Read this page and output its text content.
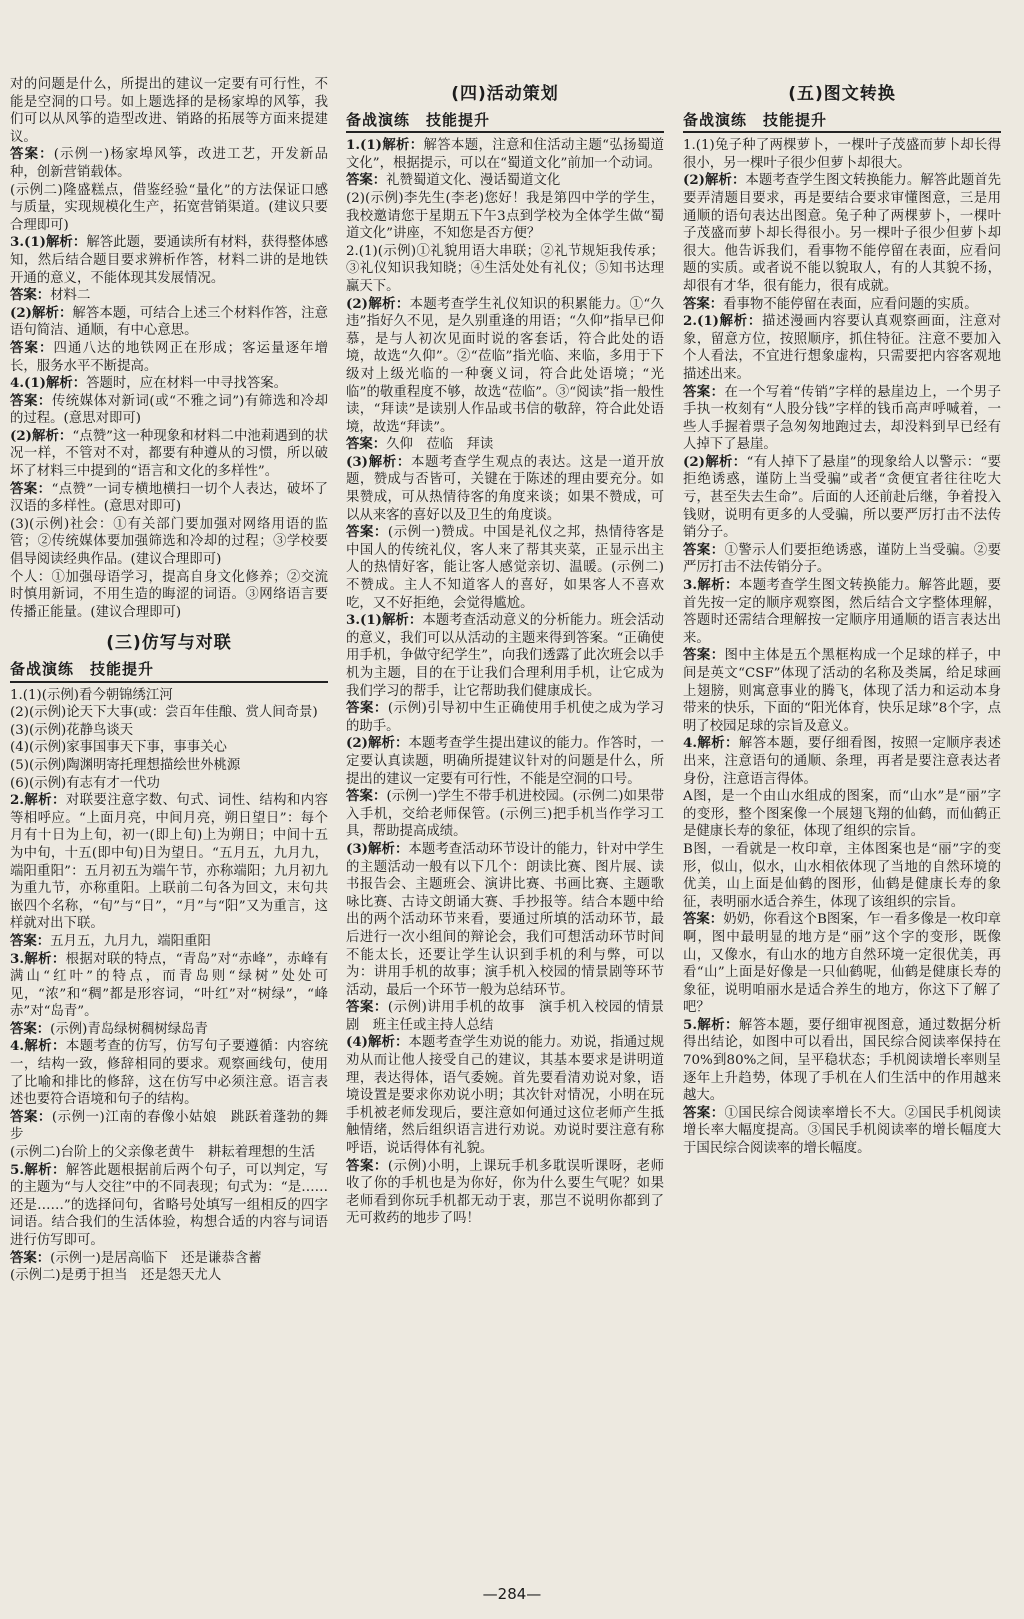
对的问题是什么，所提出的建议一定要有可行性，不能是空洞的口号。如上题选择的是杨家埠的风筝，我们可以从风筝的造型改进、销路的拓展等方面来提建议。

答案：(示例一)杨家埠风筝，改进工艺，开发新品种，创新营销载体。

(示例二)隆盛糕点，借鉴经验“量化”的方法保证口感与质量，实现规模化生产，拓宽营销渠道。(建议只要合理即可)

3.(1)解析：解答此题，要通读所有材料，获得整体感知，然后结合题目要求辨析作答，材料二讲的是地铁开通的意义，不能体现其发展情况。

答案：材料二

(2)解析：解答本题，可结合上述三个材料作答，注意语句简洁、通顺，有中心意思。

答案：四通八达的地铁网正在形成；客运量逐年增长，服务水平不断提高。

4.(1)解析：答题时，应在材料一中寻找答案。

答案：传统媒体对新词(或“不雅之词”)有筛选和冷却的过程。(意思对即可)

(2)解析：“点赞”这一种现象和材料二中池莉遇到的状况一样，不管对不对，都要有种遵从的习惯，所以破坏了材料三中提到的“语言和文化的多样性”。

答案：“点赞”一词专横地横扫一切个人表达，破坏了汉语的多样性。(意思对即可)

(3)(示例)社会：①有关部门要加强对网络用语的监管；②传统媒体要加强筛选和冷却的过程；③学校要倡导阅读经典作品。(建议合理即可)

个人：①加强母语学习，提高自身文化修养；②交流时慎用新词，不用生造的晦涩的词语。③网络语言要传播正能量。(建议合理即可)

(三)仿写与对联
备战演练　技能提升

1.(1)(示例)看今朝锦绣江河

(2)(示例)论天下大事(或：尝百年佳酿、赏人间奇景)

(3)(示例)花静鸟谈天

(4)(示例)家事国事天下事，事事关心

(5)(示例)陶渊明寄托理想描绘世外桃源

(6)(示例)有志有才一代功

2.解析：对联要注意字数、句式、词性、结构和内容等相呼应。“上面月亮，中间月亮，朔日望日”：每个月有十日为上旬，初一(即上旬)上为朔日；中间十五为中旬，十五(即中旬)日为望日。“五月五，九月九，端阳重阳”：五月初五为端午节，亦称端阳；九月初九为重九节，亦称重阳。上联前二句各为回文，末句共嵌四个名称，“旬”与“日”，“月”与“阳”又为重言，这样就对出下联。

答案：五月五，九月九，端阳重阳

3.解析：根据对联的特点，“青岛”对“赤峰”，赤峰有满山“红叶”的特点，而青岛则“绿树”处处可见，“浓”和“稠”都是形容词，“叶红”对“树绿”，“峰赤”对“岛青”。

答案：(示例)青岛绿树稠树绿岛青

4.解析：本题考查的仿写，仿写句子要遵循：内容统一，结构一致，修辞相同的要求。观察画线句，使用了比喻和排比的修辞，这在仿写中必须注意。语言表述也要符合语境和句子的结构。

答案：(示例一)江南的春像小姑娘　跳跃着蓬勃的舞步

(示例二)台阶上的父亲像老黄牛　耕耘着理想的生活

5.解析：解答此题根据前后两个句子，可以判定，写的主题为“与人交往”中的不同表现；句式为：“是……还是……”的选择问句，省略号处填写一组相反的四字词语。结合我们的生活体验，构想合适的内容与词语进行仿写即可。

答案：(示例一)是居高临下　还是谦恭含蓄

(示例二)是勇于担当　还是怨天尤人

(四)活动策划
备战演练　技能提升

1.(1)解析：解答本题，注意和住活动主题“弘扬蜀道文化”，根据提示，可以在“蜀道文化”前加一个动词。

答案：礼赞蜀道文化、漫话蜀道文化

(2)(示例)李先生(李老)您好！我是第四中学的学生，我校邀请您于星期五下午3点到学校为全体学生做“蜀道文化”讲座，不知您是否方便？

2.(1)(示例)①礼貌用语大串联；②礼节规矩我传承；③礼仪知识我知晓；④生活处处有礼仪；⑤知书达理赢天下。

(2)解析：本题考查学生礼仪知识的积累能力。①“久违”指好久不见，是久别重逢的用语；“久仰”指早已仰慕，是与人初次见面时说的客套话，符合此处的语境，故选“久仰”。②“莅临”指光临、来临，多用于下级对上级光临的一种褒义词，符合此处语境；“光临”的敬重程度不够，故选“莅临”。③“阅读”指一般性读，“拜读”是读别人作品或书信的敬辞，符合此处语境，故选“拜读”。

答案：久仰　莅临　拜读

(3)解析：本题考查学生观点的表达。这是一道开放题，赞成与否皆可，关键在于陈述的理由要充分。如果赞成，可从热情待客的角度来谈；如果不赞成，可以从来客的喜好以及卫生的角度谈。

答案：(示例一)赞成。中国是礼仪之邦，热情待客是中国人的传统礼仪，客人来了帮其夹菜，正显示出主人的热情好客，能让客人感觉亲切、温暖。(示例二)不赞成。主人不知道客人的喜好，如果客人不喜欢吃，又不好拒绝，会觉得尴尬。

3.(1)解析：本题考查活动意义的分析能力。班会活动的意义，我们可以从活动的主题来得到答案。“正确使用手机，争做守纪学生”，向我们透露了此次班会以手机为主题，目的在于让我们合理利用手机，让它成为我们学习的帮手，让它帮助我们健康成长。

答案：(示例)引导初中生正确使用手机使之成为学习的助手。

(2)解析：本题考查学生提出建议的能力。作答时，一定要认真读题，明确所提建议针对的问题是什么，所提出的建议一定要有可行性，不能是空洞的口号。

答案：(示例一)学生不带手机进校园。(示例二)如果带入手机，交给老师保管。(示例三)把手机当作学习工具，帮助提高成绩。

(3)解析：本题考查活动环节设计的能力，针对中学生的主题活动一般有以下几个：朗读比赛、图片展、读书报告会、主题班会、演讲比赛、书画比赛、主题歌咏比赛、古诗文朗诵大赛、手抄报等。结合本题中给出的两个活动环节来看，要通过所填的活动环节，最后进行一次小组间的辩论会，我们可想活动环节时间不能太长，还要让学生认识到手机的利与弊，可以为：讲用手机的故事；演手机入校园的情景剧等环节活动，最后一个环节一般为总结环节。

答案：(示例)讲用手机的故事　演手机入校园的情景剧　班主任或主持人总结

(4)解析：本题考查学生劝说的能力。劝说，指通过规劝从而让他人接受自己的建议，其基本要求是讲明道理，表达得体，语气委婉。首先要看清劝说对象，语境设置是要求你劝说小明；其次针对情况，小明在玩手机被老师发现后，要注意如何通过这位老师产生抵触情绪，然后组织语言进行劝说。劝说时要注意有称呼语，说话得体有礼貌。

答案：(示例)小明，上课玩手机多耽误听课呀，老师收了你的手机也是为你好，你为什么要生气呢？如果老师看到你玩手机都无动于衷，那岂不说明你都到了无可救药的地步了吗！

(五)图文转换
备战演练　技能提升

1.(1)兔子种了两棵萝卜，一棵叶子茂盛而萝卜却长得很小，另一棵叶子很少但萝卜却很大。

(2)解析：本题考查学生图文转换能力。解答此题首先要弄清题目要求，再是要结合要求审懂图意，三是用通顺的语句表达出图意。兔子种了两棵萝卜，一棵叶子茂盛而萝卜却长得很小。另一棵叶子很少但萝卜却很大。他告诉我们，看事物不能停留在表面，应看问题的实质。或者说不能以貌取人，有的人其貌不扬，却很有才华，很有能力，很有成就。

答案：看事物不能停留在表面，应看问题的实质。

2.(1)解析：描述漫画内容要认真观察画面，注意对象，留意方位，按照顺序，抓住特征。注意不要加入个人看法，不宜进行想象虚构，只需要把内容客观地描述出来。

答案：在一个写着“传销”字样的悬崖边上，一个男子手执一枚刻有“人股分钱”字样的钱币高声呼喊着，一些人手握着票子急匆匆地跑过去，却没料到早已经有人掉下了悬崖。

(2)解析：“有人掉下了悬崖”的现象给人以警示：“要拒绝诱惑，谨防上当受骗”或者“贪便宜者往往吃大亏，甚至失去生命”。后面的人还前赴后继，争着投入钱财，说明有更多的人受骗，所以要严厉打击不法传销分子。

答案：①警示人们要拒绝诱惑，谨防上当受骗。②要严厉打击不法传销分子。

3.解析：本题考查学生图文转换能力。解答此题，要首先按一定的顺序观察图，然后结合文字整体理解，答题时还需结合理解按一定顺序用通顺的语言表达出来。

答案：图中主体是五个黑框构成一个足球的样子，中间是英文“CSF”体现了活动的名称及类属，给足球画上翅膀，则寓意事业的腾飞，体现了活力和运动本身带来的快乐，下面的“阳光体育，快乐足球”8个字，点明了校园足球的宗旨及意义。

4.解析：解答本题，要仔细看图，按照一定顺序表述出来，注意语句的通顺、条理，再者是要注意表达者身份，注意语言得体。

A图，是一个由山水组成的图案，而“山水”是“丽”字的变形，整个图案像一个展翅飞翔的仙鹤，而仙鹤正是健康长寿的象征，体现了组织的宗旨。

B图，一看就是一枚印章，主体图案也是“丽”字的变形，似山，似水，山水相依体现了当地的自然环境的优美，山上面是仙鹤的图形，仙鹤是健康长寿的象征，表明丽水适合养生，体现了该组织的宗旨。

答案：奶奶，你看这个B图案，乍一看多像是一枚印章啊，图中最明显的地方是“丽”这个字的变形，既像山，又像水，有山水的地方自然环境一定很优美，再看“山”上面是好像是一只仙鹤呢，仙鹤是健康长寿的象征，说明咱丽水是适合养生的地方，你这下了解了吧？

5.解析：解答本题，要仔细审视图意，通过数据分析得出结论，如图中可以看出，国民综合阅读率保持在70%到80%之间，呈平稳状态；手机阅读增长率则呈逐年上升趋势，体现了手机在人们生活中的作用越来越大。

答案：①国民综合阅读率增长不大。②国民手机阅读增长率大幅度提高。③国民手机阅读率的增长幅度大于国民综合阅读率的增长幅度。

—284—
